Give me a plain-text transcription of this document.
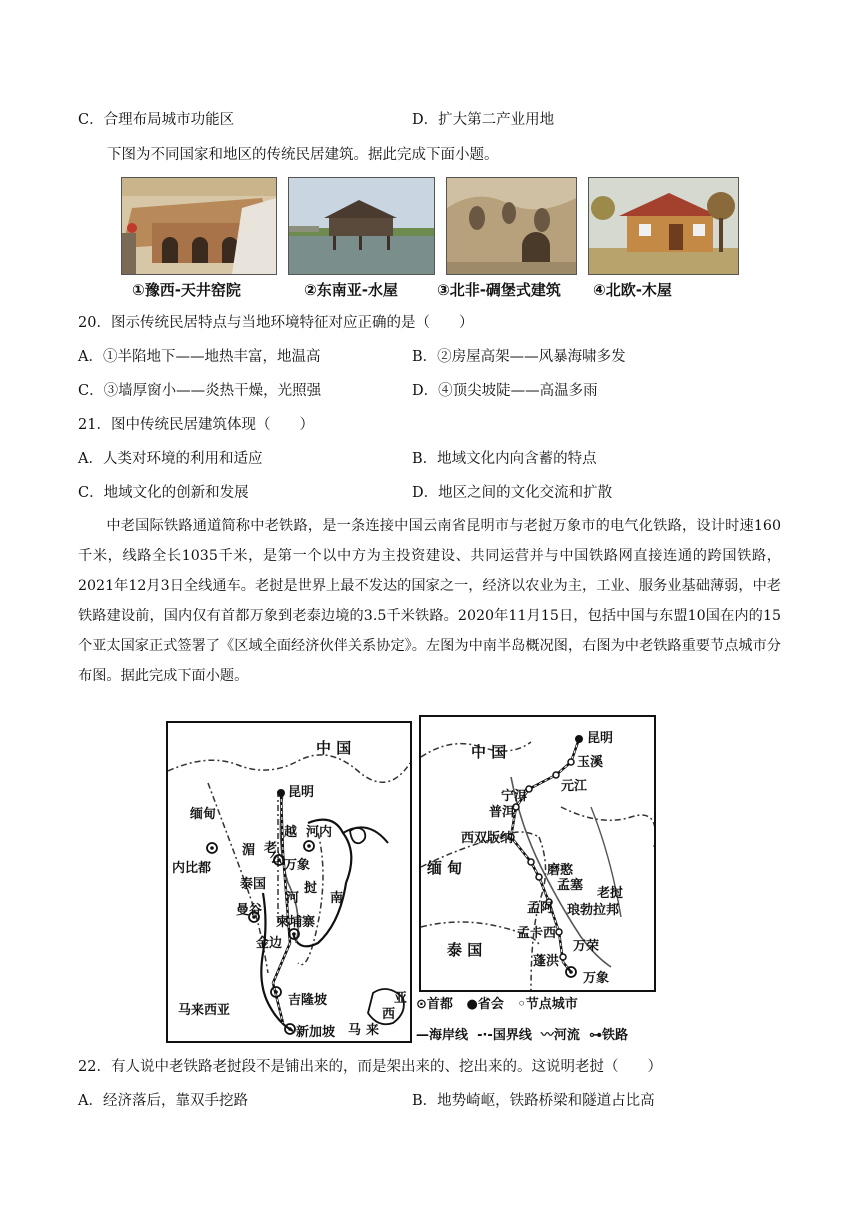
C．合理布局城市功能区	D．扩大第二产业用地
下图为不同国家和地区的传统民居建筑。据此完成下面小题。
①豫西-天井窑院	②东南亚-水屋	③北非-碉堡式建筑 ④北欧-木屋
20．图示传统民居特点与当地环境特征对应正确的是（　　）
A．①半陷地下——地热丰富，地温高	B．②房屋高架——风暴海啸多发
C．③墙厚窗小——炎热干燥，光照强	D．④顶尖坡陡——高温多雨
21．图中传统民居建筑体现（　　）
A．人类对环境的利用和适应	B．地域文化内向含蓄的特点
C．地域文化的创新和发展	D．地区之间的文化交流和扩散
中老国际铁路通道简称中老铁路，是一条连接中国云南省昆明市与老挝万象市的电气化铁路，设计时速160千米，线路全长1035千米，是第一个以中方为主投资建设、共同运营并与中国铁路网直接连通的跨国铁路，2021年12月3日全线通车。老挝是世界上最不发达的国家之一，经济以农业为主，工业、服务业基础薄弱，中老铁路建设前，国内仅有首都万象到老泰边境的3.5千米铁路。2020年11月15日，包括中国与东盟10国在内的15个亚太国家正式签署了《区域全面经济伙伴关系协定》。左图为中南半岛概况图，右图为中老铁路重要节点城市分布图。据此完成下面小题。
中 国
昆明
缅甸
内比都
越 河内
湄 老
万象
公
泰国
河
挝
南
曼谷
柬埔寨
金边
马来西亚
吉隆坡
新加坡 马 来
西
亚
昆明
中 国
玉溪
元江
宁洱
普洱
西双版纳
缅 甸	磨憨
孟塞
老挝
孟阿 琅勃拉邦
孟卡西
泰 国	万荣
蓬洪
万象
⊙首都 ●省会 ◦节点城市
—海岸线 -·-国界线 〰河流 ⊶铁路
22．有人说中老铁路老挝段不是铺出来的，而是架出来的、挖出来的。这说明老挝（　　）
A．经济落后，靠双手挖路	B．地势崎岖，铁路桥梁和隧道占比高
